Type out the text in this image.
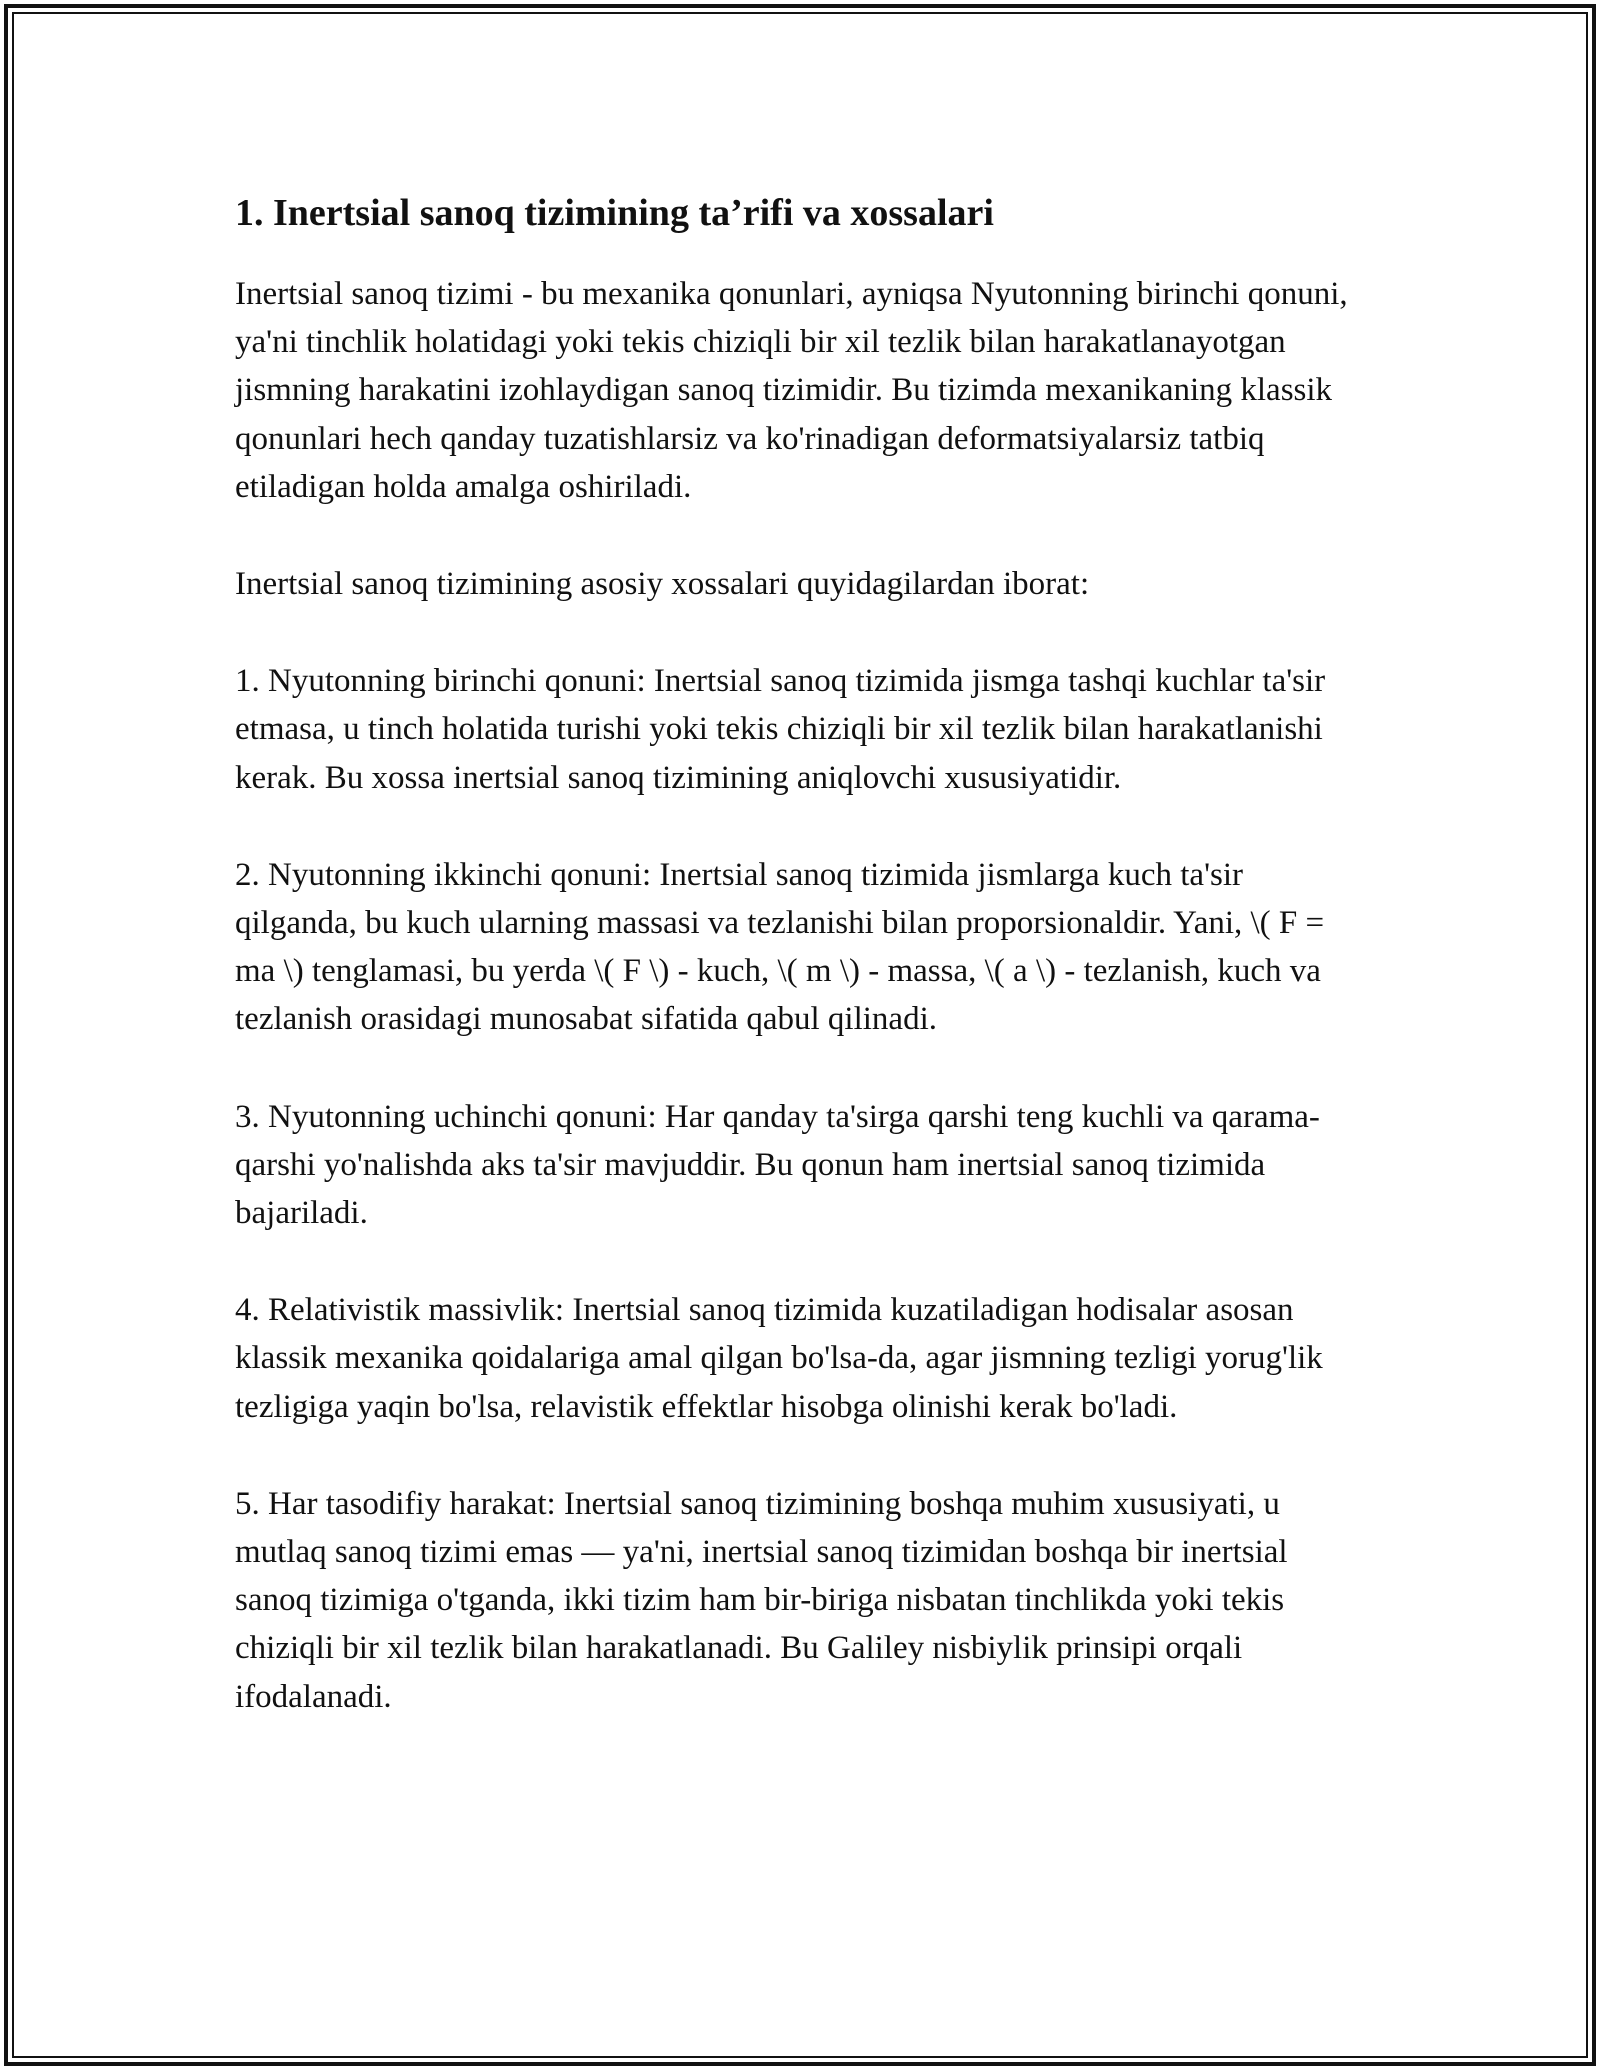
1. Inertsial sanoq tizimining ta’rifi va xossalari

Inertsial sanoq tizimi - bu mexanika qonunlari, ayniqsa Nyutonning birinchi qonuni, ya'ni tinchlik holatidagi yoki tekis chiziqli bir xil tezlik bilan harakatlanayotgan jismning harakatini izohlaydigan sanoq tizimidir. Bu tizimda mexanikaning klassik qonunlari hech qanday tuzatishlarsiz va ko'rinadigan deformatsiyalarsiz tatbiq etiladigan holda amalga oshiriladi.

Inertsial sanoq tizimining asosiy xossalari quyidagilardan iborat:

1. Nyutonning birinchi qonuni: Inertsial sanoq tizimida jismga tashqi kuchlar ta'sir etmasa, u tinch holatida turishi yoki tekis chiziqli bir xil tezlik bilan harakatlanishi kerak. Bu xossa inertsial sanoq tizimining aniqlovchi xususiyatidir.

2. Nyutonning ikkinchi qonuni: Inertsial sanoq tizimida jismlarga kuch ta'sir qilganda, bu kuch ularning massasi va tezlanishi bilan proporsionaldir. Yani, \( F = ma \) tenglamasi, bu yerda \( F \) - kuch, \( m \) - massa, \( a \) - tezlanish, kuch va tezlanish orasidagi munosabat sifatida qabul qilinadi.

3. Nyutonning uchinchi qonuni: Har qanday ta'sirga qarshi teng kuchli va qarama-qarshi yo'nalishda aks ta'sir mavjuddir. Bu qonun ham inertsial sanoq tizimida bajariladi.

4. Relativistik massivlik: Inertsial sanoq tizimida kuzatiladigan hodisalar asosan klassik mexanika qoidalariga amal qilgan bo'lsa-da, agar jismning tezligi yorug'lik tezligiga yaqin bo'lsa, relavistik effektlar hisobga olinishi kerak bo'ladi.

5. Har tasodifiy harakat: Inertsial sanoq tizimining boshqa muhim xususiyati, u mutlaq sanoq tizimi emas — ya'ni, inertsial sanoq tizimidan boshqa bir inertsial sanoq tizimiga o'tganda, ikki tizim ham bir-biriga nisbatan tinchlikda yoki tekis chiziqli bir xil tezlik bilan harakatlanadi. Bu Galiley nisbiylik prinsipi orqali ifodalanadi.
